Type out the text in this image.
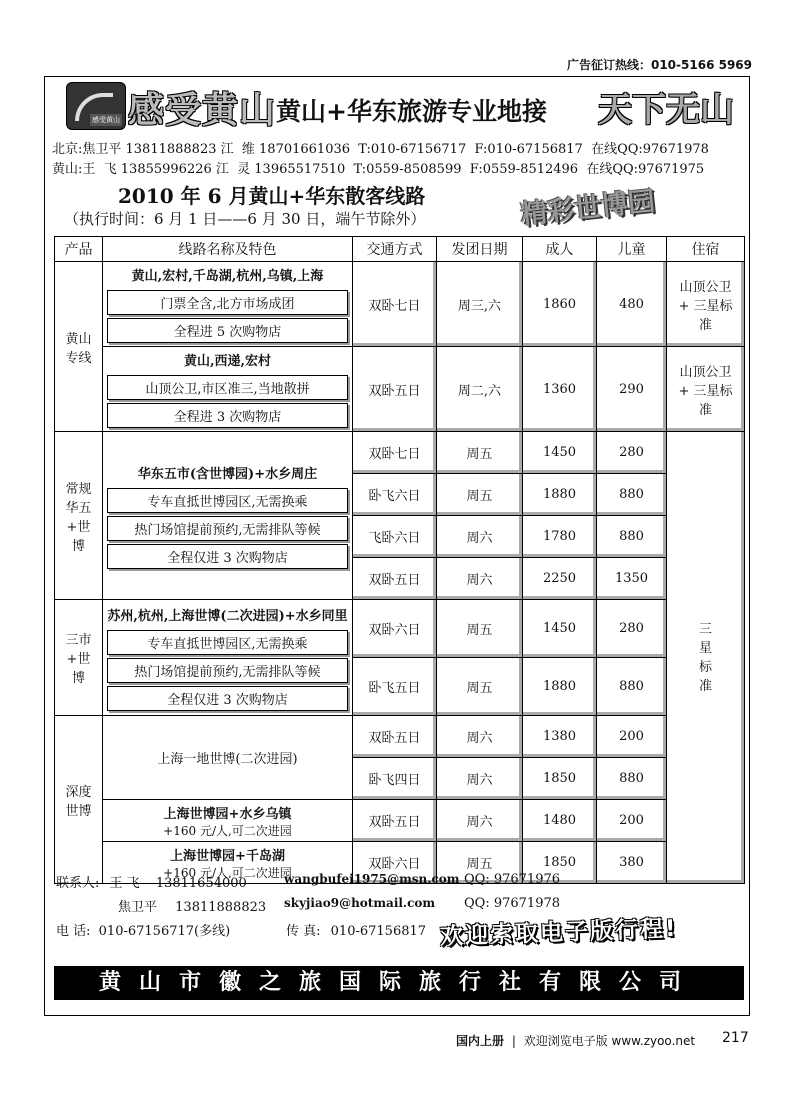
广告征订热线：010-5166 5969
感受黄山 感受黄山 黄山+华东旅游专业地接 天下无山
北京:焦卫平 13811888823 江  维 18701661036  T:010-67156717  F:010-67156817  在线QQ:97671978
黄山:王  飞 13855996226 江  灵 13965517510  T:0559-8508599  F:0559-8512496  在线QQ:97671975
2010 年 6 月黄山+华东散客线路
（执行时间：6 月 1 日——6 月 30 日，端午节除外）	精彩世博园
产品	线路名称及特色	交通方式	发团日期	成人	儿童	住宿

黄山专线	黄山,宏村,千岛湖,杭州,乌镇,上海
门票全含,北方市场成团
全程进 5 次购物店	双卧七日	周三,六	1860	480	山顶公卫 + 三星标准

	黄山,西递,宏村
山顶公卫,市区准三,当地散拼
全程进 3 次购物店	双卧五日	周二,六	1360	290	山顶公卫 + 三星标准

常规华五+世博	华东五市(含世博园)+水乡周庄
专车直抵世博园区,无需换乘
热门场馆提前预约,无需排队等候
全程仅进 3 次购物店	双卧七日	周五	1450	280	三星标准

		卧飞六日	周五	1880	880	
		飞卧六日	周六	1780	880	
		双卧五日	周六	2250	1350	

三市+世博	苏州,杭州,上海世博(二次进园)+水乡同里
专车直抵世博园区,无需换乘
热门场馆提前预约,无需排队等候
全程仅进 3 次购物店	双卧六日	周五	1450	280	
		卧飞五日	周五	1880	880	

深度世博	上海一地世博(二次进园)	双卧五日	周六	1380	200	
		卧飞四日	周六	1850	880	

	上海世博园+水乡乌镇
+160 元/人,可二次进园	双卧五日	周六	1480	200	

	上海世博园+千岛湖
+160 元/人,可二次进园	双卧六日	周五	1850	380	
联系人: 王 飞 13811654000	wangbufei1975@msn.com QQ: 97671976
焦卫平 13811888823 skyjiao9@hotmail.com QQ: 97671978
电 话: 010-67156717(多线)	传 真: 010-67156817 欢迎索取电子版行程!
黄山市徽之旅国际旅行社有限公司
国内上册 | 欢迎浏览电子版 www.zyoo.net 217
